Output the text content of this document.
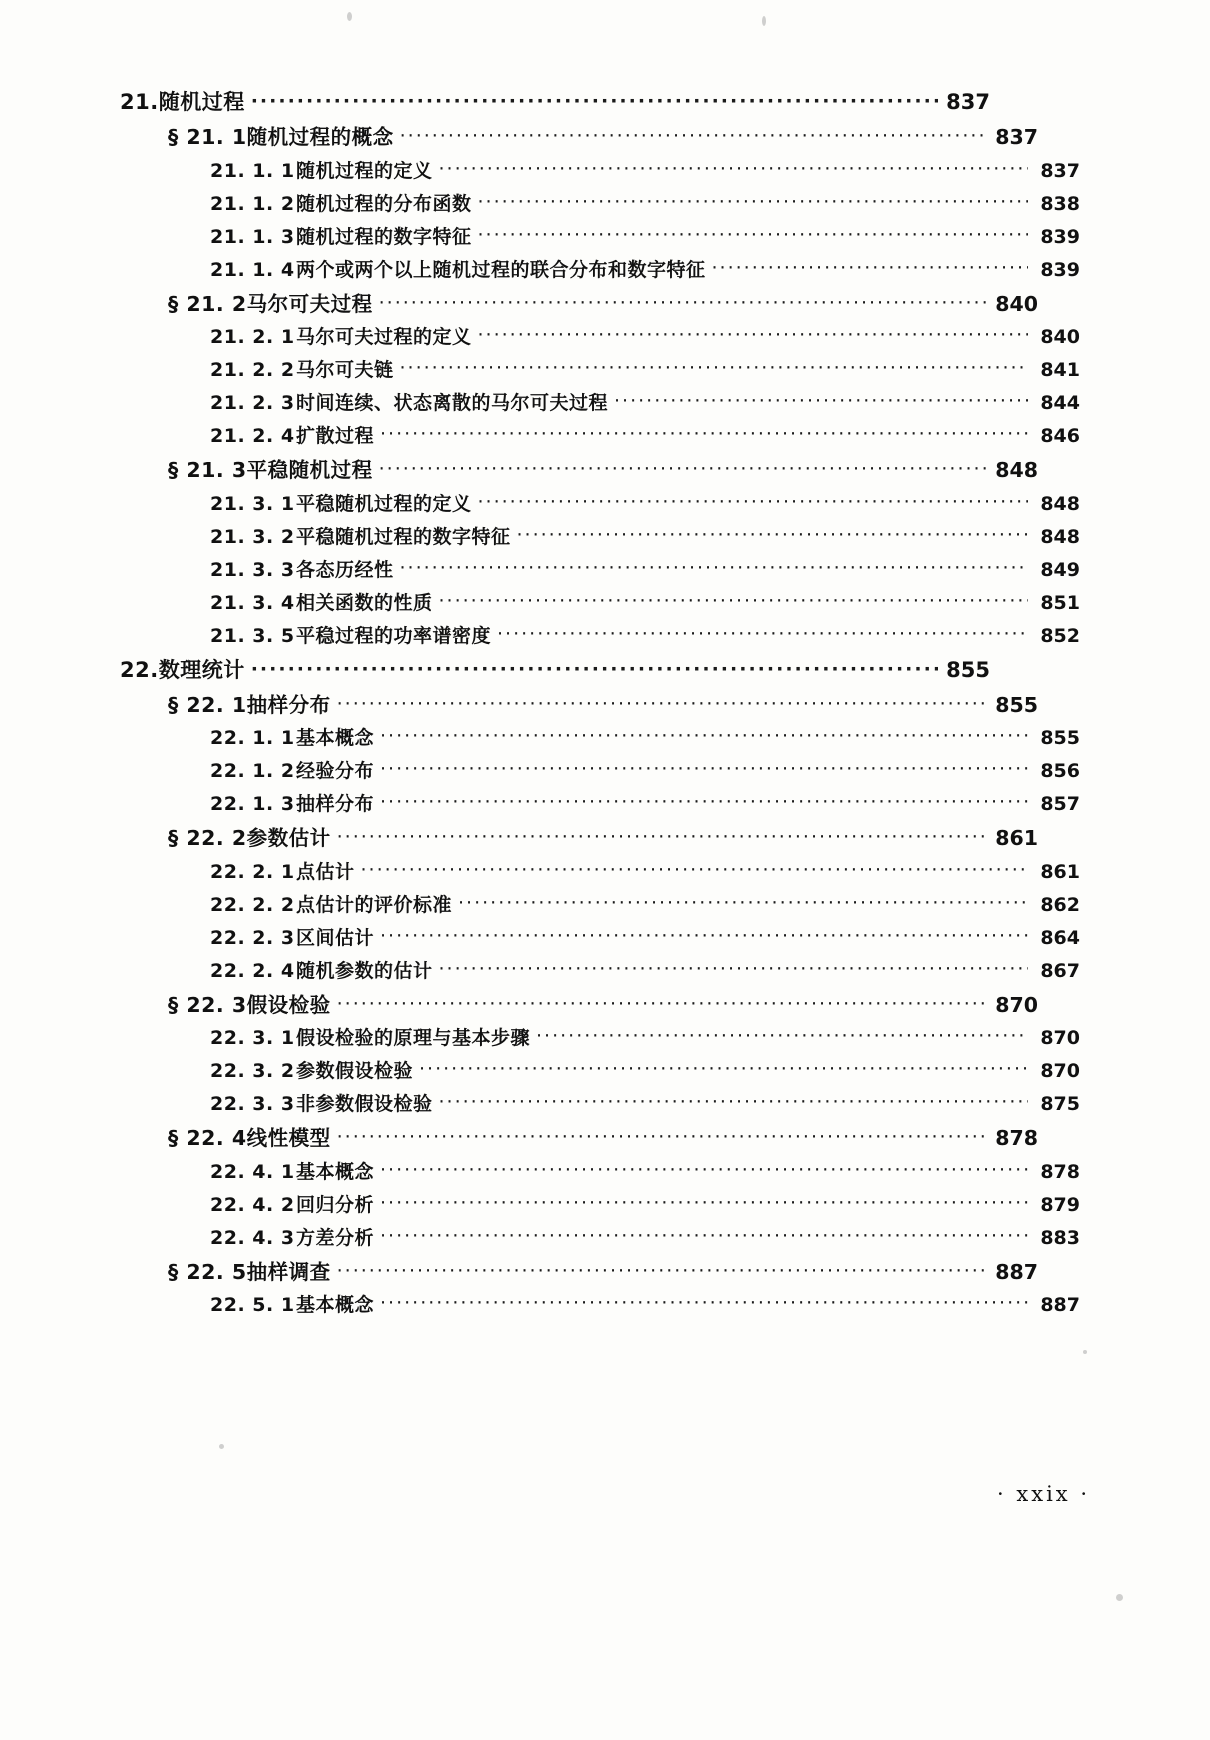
21.随机过程 ·····	837
§ 21. 1随机过程的概念 ·····	837
21. 1. 1随机过程的定义 ·····	837
21. 1. 2随机过程的分布函数 ·····	838
21. 1. 3随机过程的数字特征 ·····	839
21. 1. 4两个或两个以上随机过程的联合分布和数字特征 ·····	839
§ 21. 2马尔可夫过程 ·····	840
21. 2. 1马尔可夫过程的定义 ·····	840
21. 2. 2马尔可夫链 ·····	841
21. 2. 3时间连续、状态离散的马尔可夫过程 ·····	844
21. 2. 4扩散过程 ·····	846
§ 21. 3平稳随机过程 ·····	848
21. 3. 1平稳随机过程的定义 ·····	848
21. 3. 2平稳随机过程的数字特征 ·····	848
21. 3. 3各态历经性 ·····	849
21. 3. 4相关函数的性质 ·····	851
21. 3. 5平稳过程的功率谱密度 ·····	852
22.数理统计 ·····	855
§ 22. 1抽样分布 ·····	855
22. 1. 1基本概念 ·····	855
22. 1. 2经验分布 ·····	856
22. 1. 3抽样分布 ·····	857
§ 22. 2参数估计 ·····	861
22. 2. 1点估计 ·····	861
22. 2. 2点估计的评价标准 ·····	862
22. 2. 3区间估计 ·····	864
22. 2. 4随机参数的估计 ·····	867
§ 22. 3假设检验 ·····	870
22. 3. 1假设检验的原理与基本步骤 ·····	870
22. 3. 2参数假设检验 ·····	870
22. 3. 3非参数假设检验 ·····	875
§ 22. 4线性模型 ·····	878
22. 4. 1基本概念 ·····	878
22. 4. 2回归分析 ·····	879
22. 4. 3方差分析 ·····	883
§ 22. 5抽样调查 ·····	887
22. 5. 1基本概念 ·····	887
· xxix ·
